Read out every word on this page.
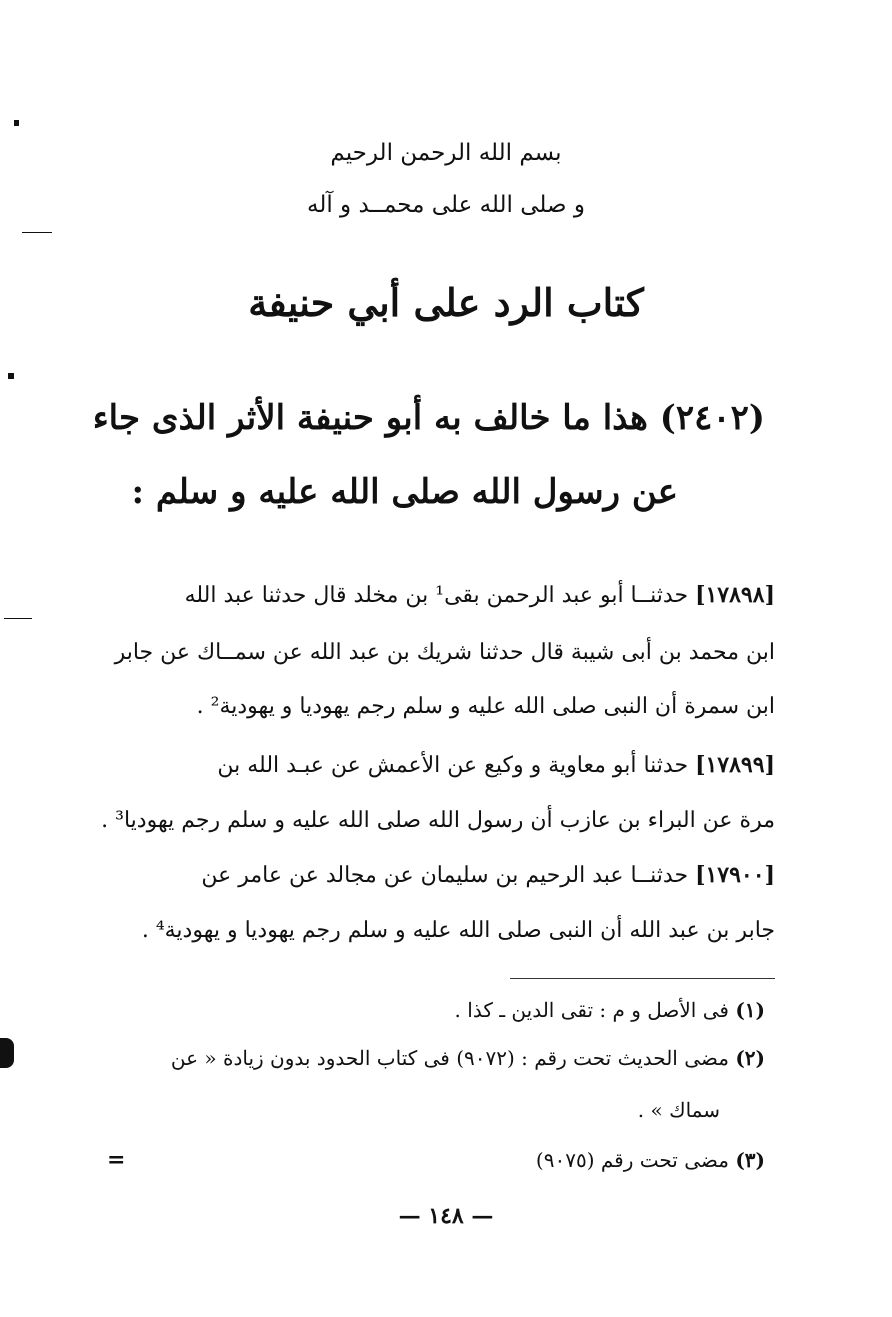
بسم الله الرحمن الرحيم
و صلى الله على محمــد و آله
كتاب الرد على أبي حنيفة
(٢٤٠٢) هذا ما خالف به أبو حنيفة الأثر الذى جاء
عن رسول الله صلى الله عليه و سلم :
[١٧٨٩٨] حدثنــا أبو عبد الرحمن بقى¹ بن مخلد قال حدثنا عبد الله
ابن محمد بن أبى شيبة قال حدثنا شريك بن عبد الله عن سمــاك عن جابر
ابن سمرة أن النبى صلى الله عليه و سلم رجم يهوديا و يهودية² .
[١٧٨٩٩] حدثنا أبو معاوية و وكيع عن الأعمش عن عبـد الله بن
مرة عن البراء بن عازب أن رسول الله صلى الله عليه و سلم رجم يهوديا³ .
[١٧٩٠٠] حدثنــا عبد الرحيم بن سليمان عن مجالد عن عامر عن
جابر بن عبد الله أن النبى صلى الله عليه و سلم رجم يهوديا و يهودية⁴ .
(١) فى الأصل و م : تقى الدين ـ كذا .
(٢) مضى الحديث تحت رقم : (٩٠٧٢) فى كتاب الحدود بدون زيادة « عن
سماك » .
(٣) مضى تحت رقم (٩٠٧٥)
=
— ١٤٨ —
